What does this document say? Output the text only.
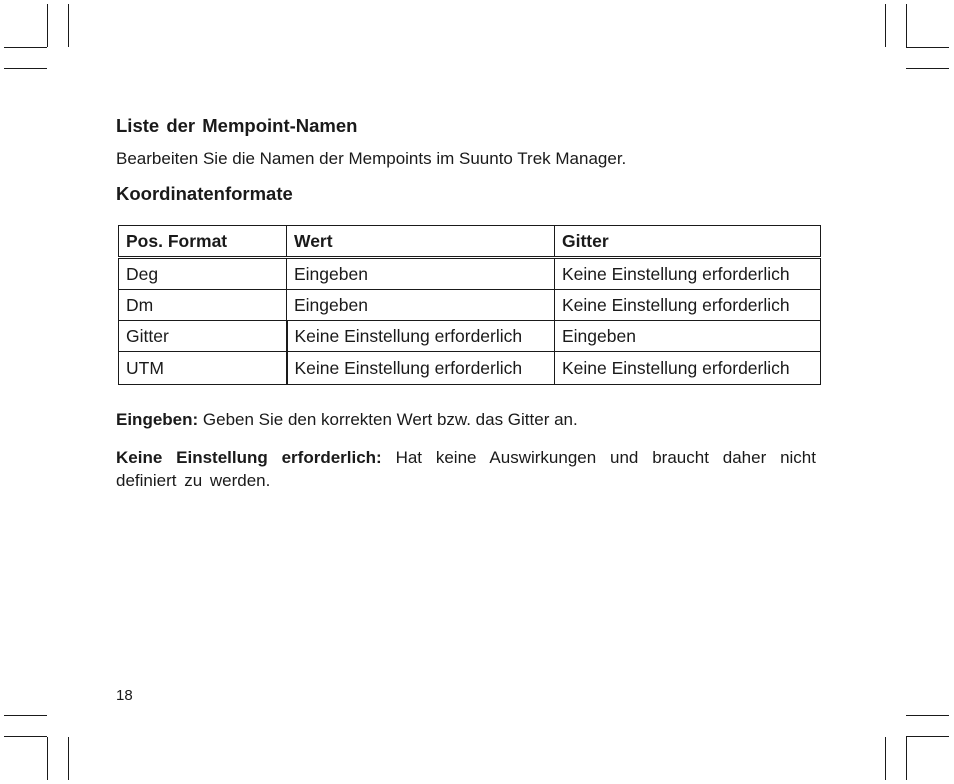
Liste der Mempoint-Namen

Bearbeiten Sie die Namen der Mempoints im Suunto Trek Manager.

Koordinatenformate
Pos. Format	Wert	Gitter
Deg	Eingeben	Keine Einstellung erforderlich
Dm	Eingeben	Keine Einstellung erforderlich
Gitter	Keine Einstellung erforderlich	Eingeben
UTM	Keine Einstellung erforderlich	Keine Einstellung erforderlich

Eingeben: Geben Sie den korrekten Wert bzw. das Gitter an.

Keine Einstellung erforderlich: Hat keine Auswirkungen und braucht daher nicht definiert zu werden.

18
